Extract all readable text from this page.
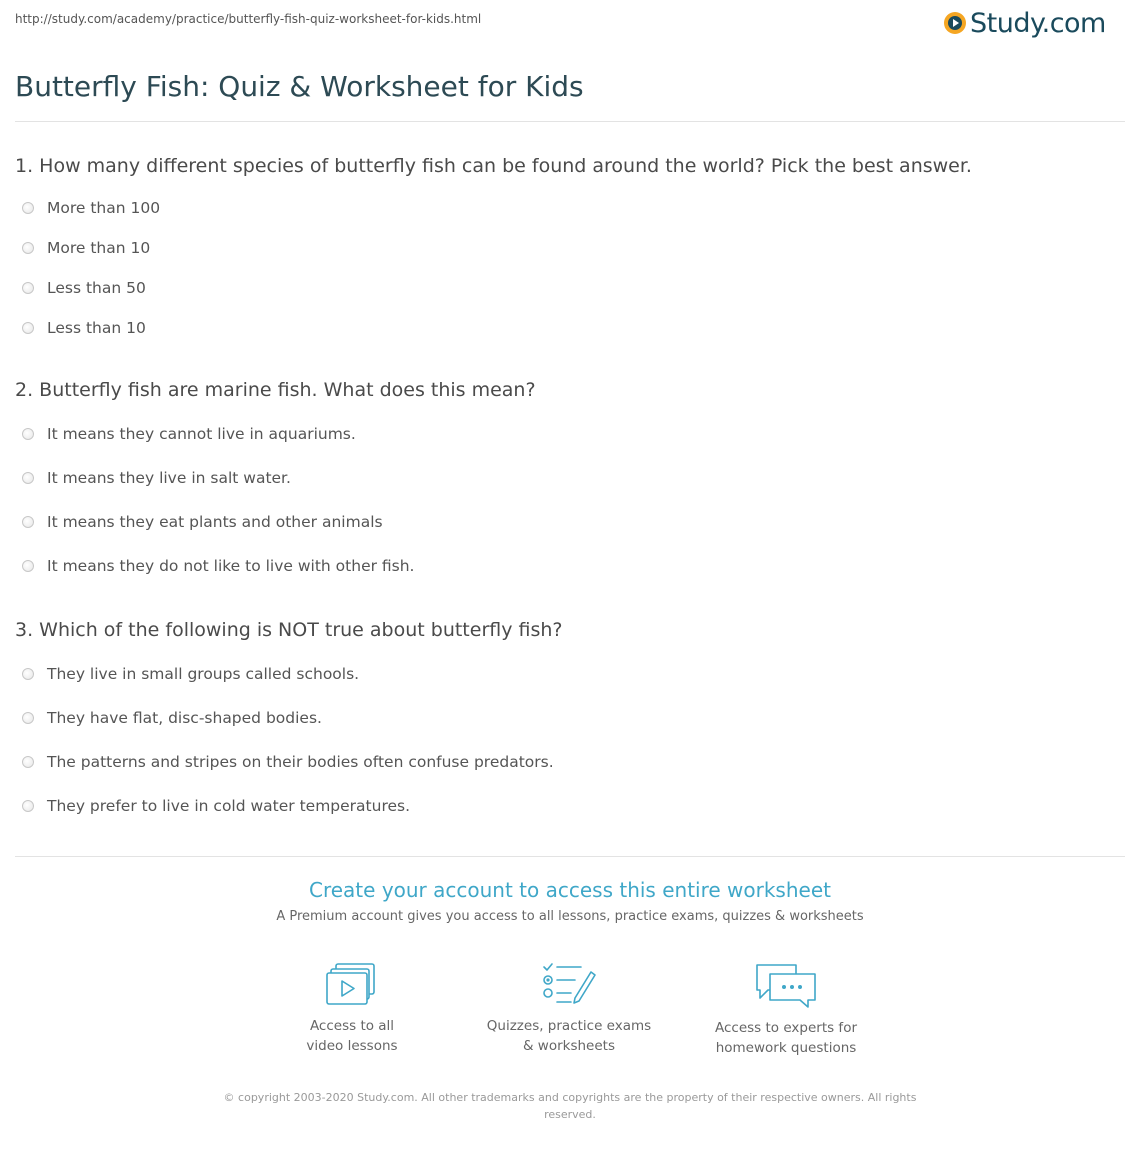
http://study.com/academy/practice/butterfly-fish-quiz-worksheet-for-kids.html	Study.com
Butterfly Fish: Quiz & Worksheet for Kids
1. How many different species of butterfly fish can be found around the world? Pick the best answer.
More than 100
More than 10
Less than 50
Less than 10
2. Butterfly fish are marine fish. What does this mean?
It means they cannot live in aquariums.
It means they live in salt water.
It means they eat plants and other animals
It means they do not like to live with other fish.
3. Which of the following is NOT true about butterfly fish?
They live in small groups called schools.
They have flat, disc-shaped bodies.
The patterns and stripes on their bodies often confuse predators.
They prefer to live in cold water temperatures.
Create your account to access this entire worksheet
A Premium account gives you access to all lessons, practice exams, quizzes & worksheets
Access to all
video lessons
Quizzes, practice exams
& worksheets
Access to experts for
homework questions
© copyright 2003-2020 Study.com. All other trademarks and copyrights are the property of their respective owners. All rights reserved.
